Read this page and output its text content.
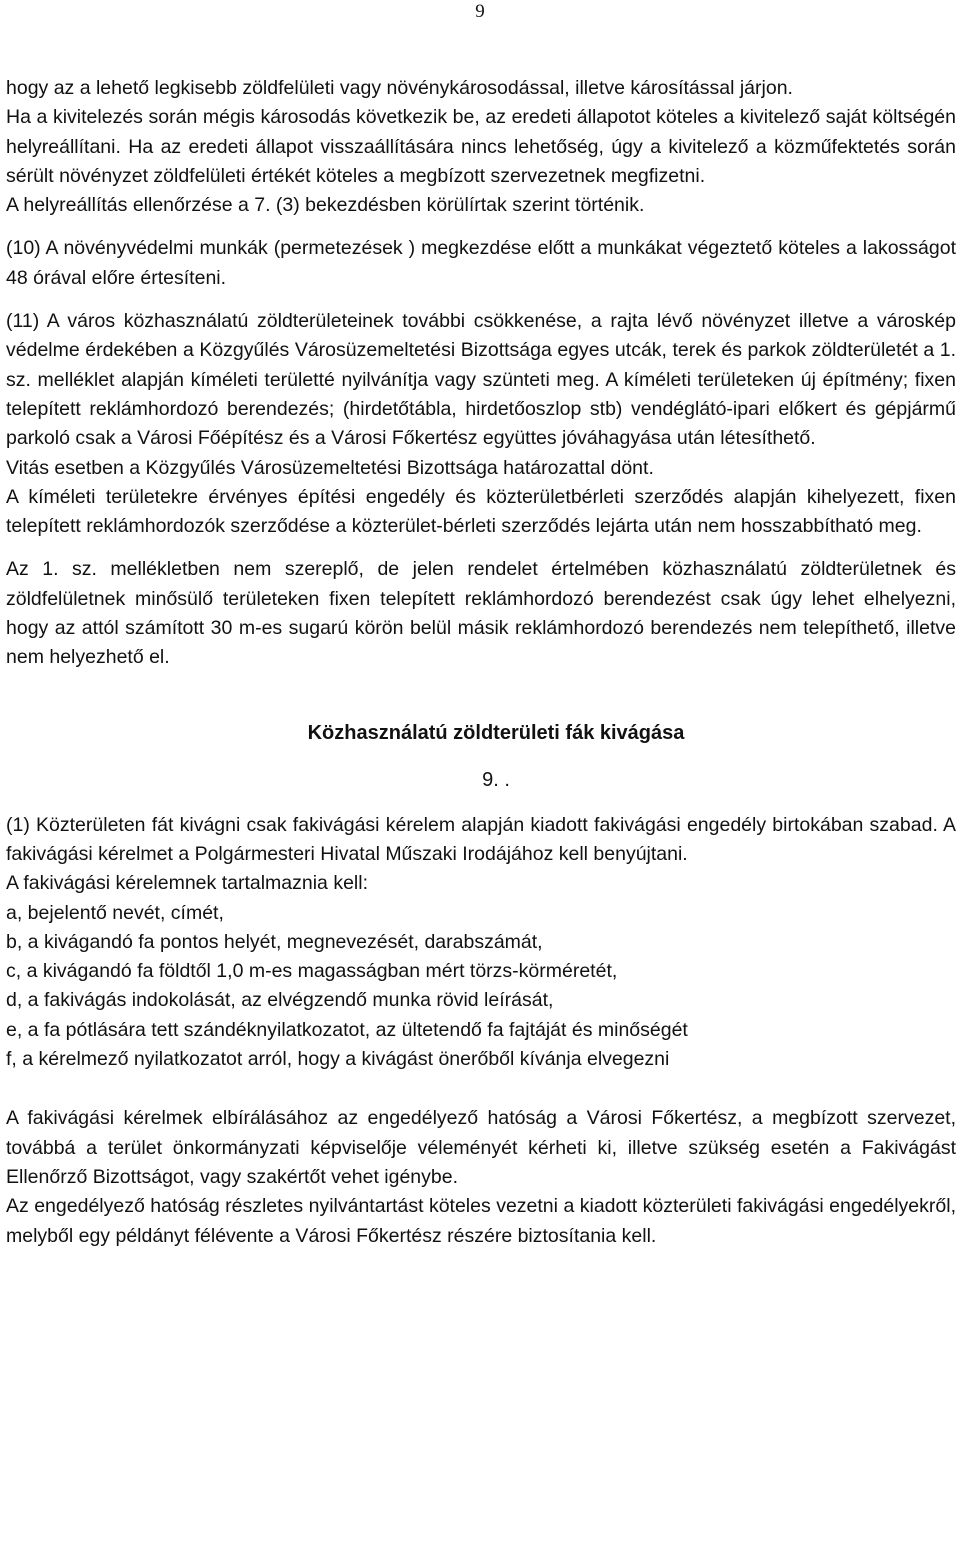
9

hogy az a lehető legkisebb zöldfelületi vagy növénykárosodással, illetve károsítással járjon.

Ha a kivitelezés során mégis károsodás következik be, az eredeti állapotot köteles a kivitelező saját költségén helyreállítani. Ha az eredeti állapot visszaállítására nincs lehetőség, úgy a kivitelező a közműfektetés során sérült növényzet zöldfelületi értékét köteles a megbízott szervezetnek megfizetni.

A helyreállítás ellenőrzése a 7. (3) bekezdésben körülírtak szerint történik.

(10) A növényvédelmi munkák (permetezések ) megkezdése előtt a munkákat végeztető köteles a lakosságot 48 órával előre értesíteni.

(11) A város közhasználatú zöldterületeinek további csökkenése, a rajta lévő növényzet illetve a városkép védelme érdekében a Közgyűlés Városüzemeltetési Bizottsága egyes utcák, terek és parkok zöldterületét a 1. sz. melléklet alapján kíméleti területté nyilvánítja vagy szünteti meg. A kíméleti területeken új építmény; fixen telepített reklámhordozó berendezés; (hirdetőtábla, hirdetőoszlop stb) vendéglátó-ipari előkert és gépjármű parkoló csak a Városi Főépítész és a Városi Főkertész együttes jóváhagyása után létesíthető.

Vitás esetben a Közgyűlés Városüzemeltetési Bizottsága határozattal dönt.

A kíméleti területekre érvényes építési engedély és közterületbérleti szerződés alapján kihelyezett, fixen telepített reklámhordozók szerződése a közterület-bérleti szerződés lejárta után nem hosszabbítható meg.

Az 1. sz. mellékletben nem szereplő, de jelen rendelet értelmében közhasználatú zöldterületnek és zöldfelületnek minősülő területeken fixen telepített reklámhordozó berendezést csak úgy lehet elhelyezni, hogy az attól számított 30 m-es sugarú körön belül másik reklámhordozó berendezés nem telepíthető, illetve nem helyezhető el.

Közhasználatú zöldterületi fák kivágása

9. .

(1) Közterületen fát kivágni csak fakivágási kérelem alapján kiadott fakivágási engedély birtokában szabad. A fakivágási kérelmet a Polgármesteri Hivatal Műszaki Irodájához kell benyújtani.

A fakivágási kérelemnek tartalmaznia kell:

a, bejelentő nevét, címét,

b, a kivágandó fa pontos helyét, megnevezését, darabszámát,

c, a kivágandó fa földtől 1,0 m-es magasságban mért törzs-körméretét,

d, a fakivágás indokolását, az elvégzendő munka rövid leírását,

e, a fa pótlására tett szándéknyilatkozatot, az ültetendő fa fajtáját és minőségét

f, a kérelmező nyilatkozatot arról, hogy a kivágást önerőből kívánja elvegezni

A fakivágási kérelmek elbírálásához az engedélyező hatóság a Városi Főkertész, a megbízott szervezet, továbbá a terület önkormányzati képviselője véleményét kérheti ki, illetve szükség esetén a Fakivágást Ellenőrző Bizottságot, vagy szakértőt vehet igénybe.

Az engedélyező hatóság részletes nyilvántartást köteles vezetni a kiadott közterületi fakivágási engedélyekről, melyből egy példányt félévente a Városi Főkertész részére biztosítania kell.
